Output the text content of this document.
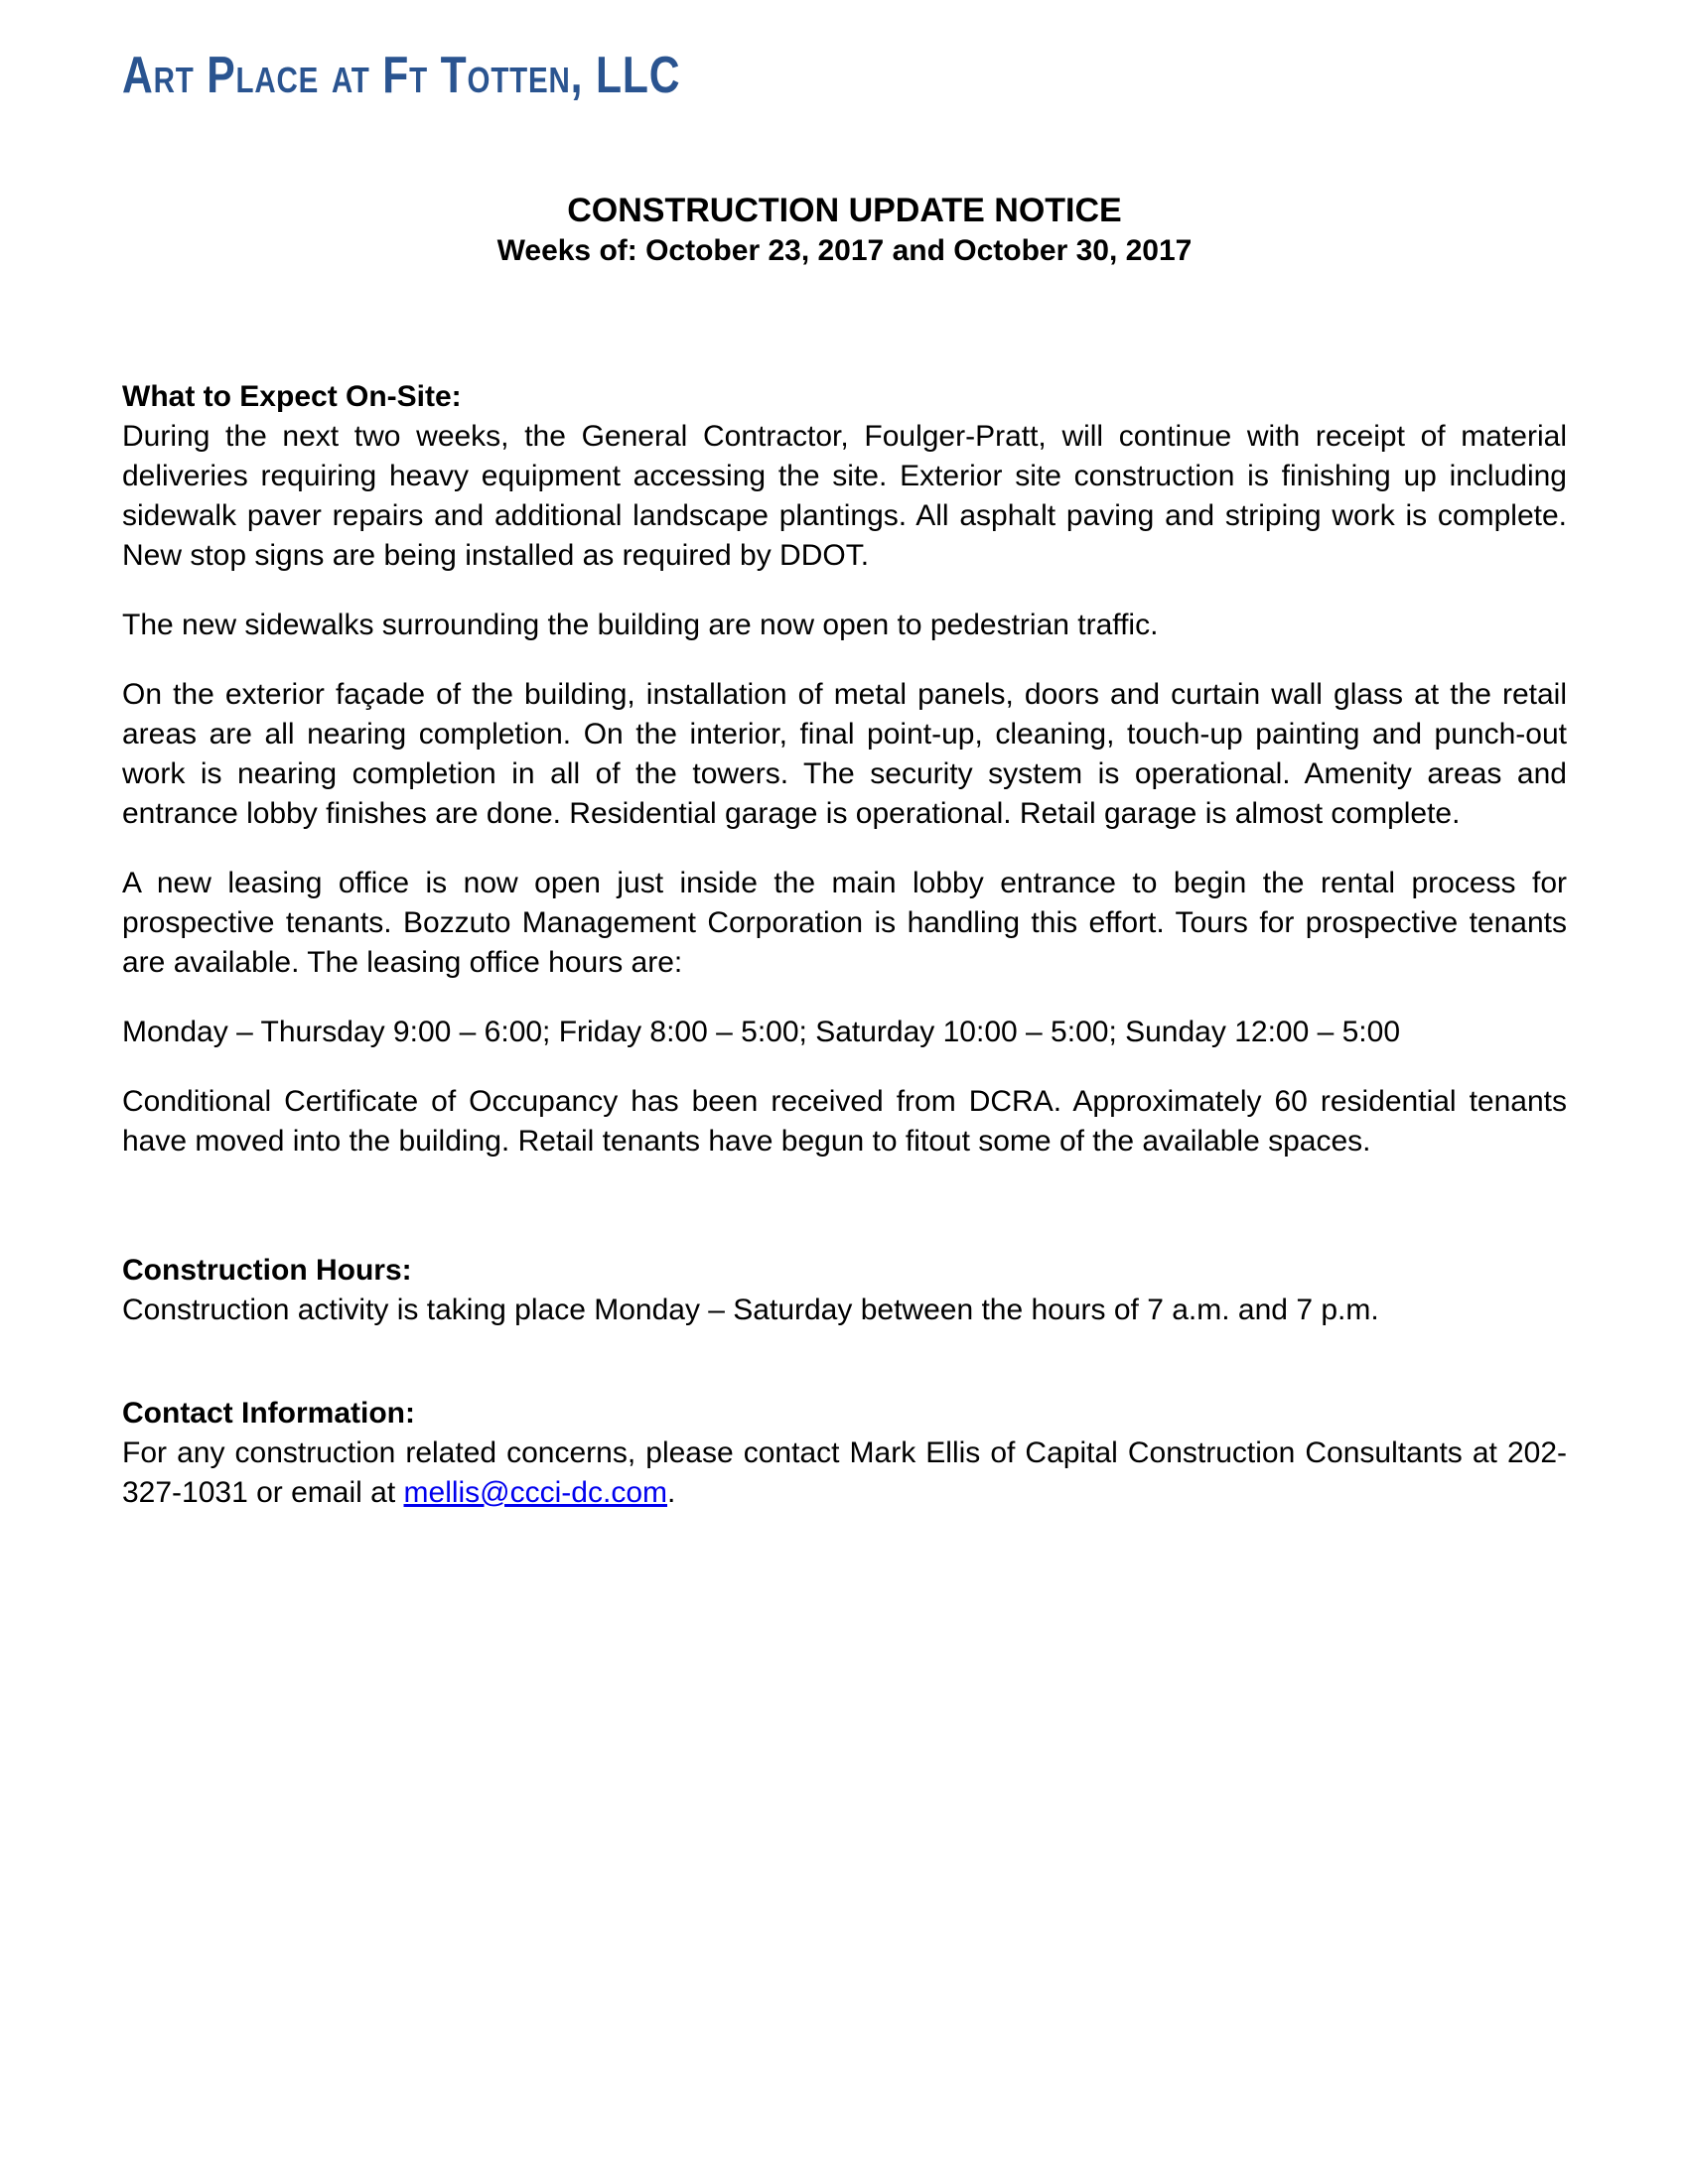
Art Place at Ft Totten, LLC
CONSTRUCTION UPDATE NOTICE
Weeks of: October 23, 2017 and October 30, 2017
What to Expect On-Site:

During the next two weeks, the General Contractor, Foulger-Pratt, will continue with receipt of material deliveries requiring heavy equipment accessing the site. Exterior site construction is finishing up including sidewalk paver repairs and additional landscape plantings. All asphalt paving and striping work is complete. New stop signs are being installed as required by DDOT.

The new sidewalks surrounding the building are now open to pedestrian traffic.

On the exterior façade of the building, installation of metal panels, doors and curtain wall glass at the retail areas are all nearing completion. On the interior, final point-up, cleaning, touch-up painting and punch-out work is nearing completion in all of the towers. The security system is operational. Amenity areas and entrance lobby finishes are done. Residential garage is operational. Retail garage is almost complete.

A new leasing office is now open just inside the main lobby entrance to begin the rental process for prospective tenants. Bozzuto Management Corporation is handling this effort. Tours for prospective tenants are available. The leasing office hours are:

Monday – Thursday 9:00 – 6:00; Friday 8:00 – 5:00; Saturday 10:00 – 5:00; Sunday 12:00 – 5:00

Conditional Certificate of Occupancy has been received from DCRA. Approximately 60 residential tenants have moved into the building. Retail tenants have begun to fitout some of the available spaces.

Construction Hours:

Construction activity is taking place Monday – Saturday between the hours of 7 a.m. and 7 p.m.

Contact Information:

For any construction related concerns, please contact Mark Ellis of Capital Construction Consultants at 202-327-1031 or email at mellis@ccci-dc.com.
